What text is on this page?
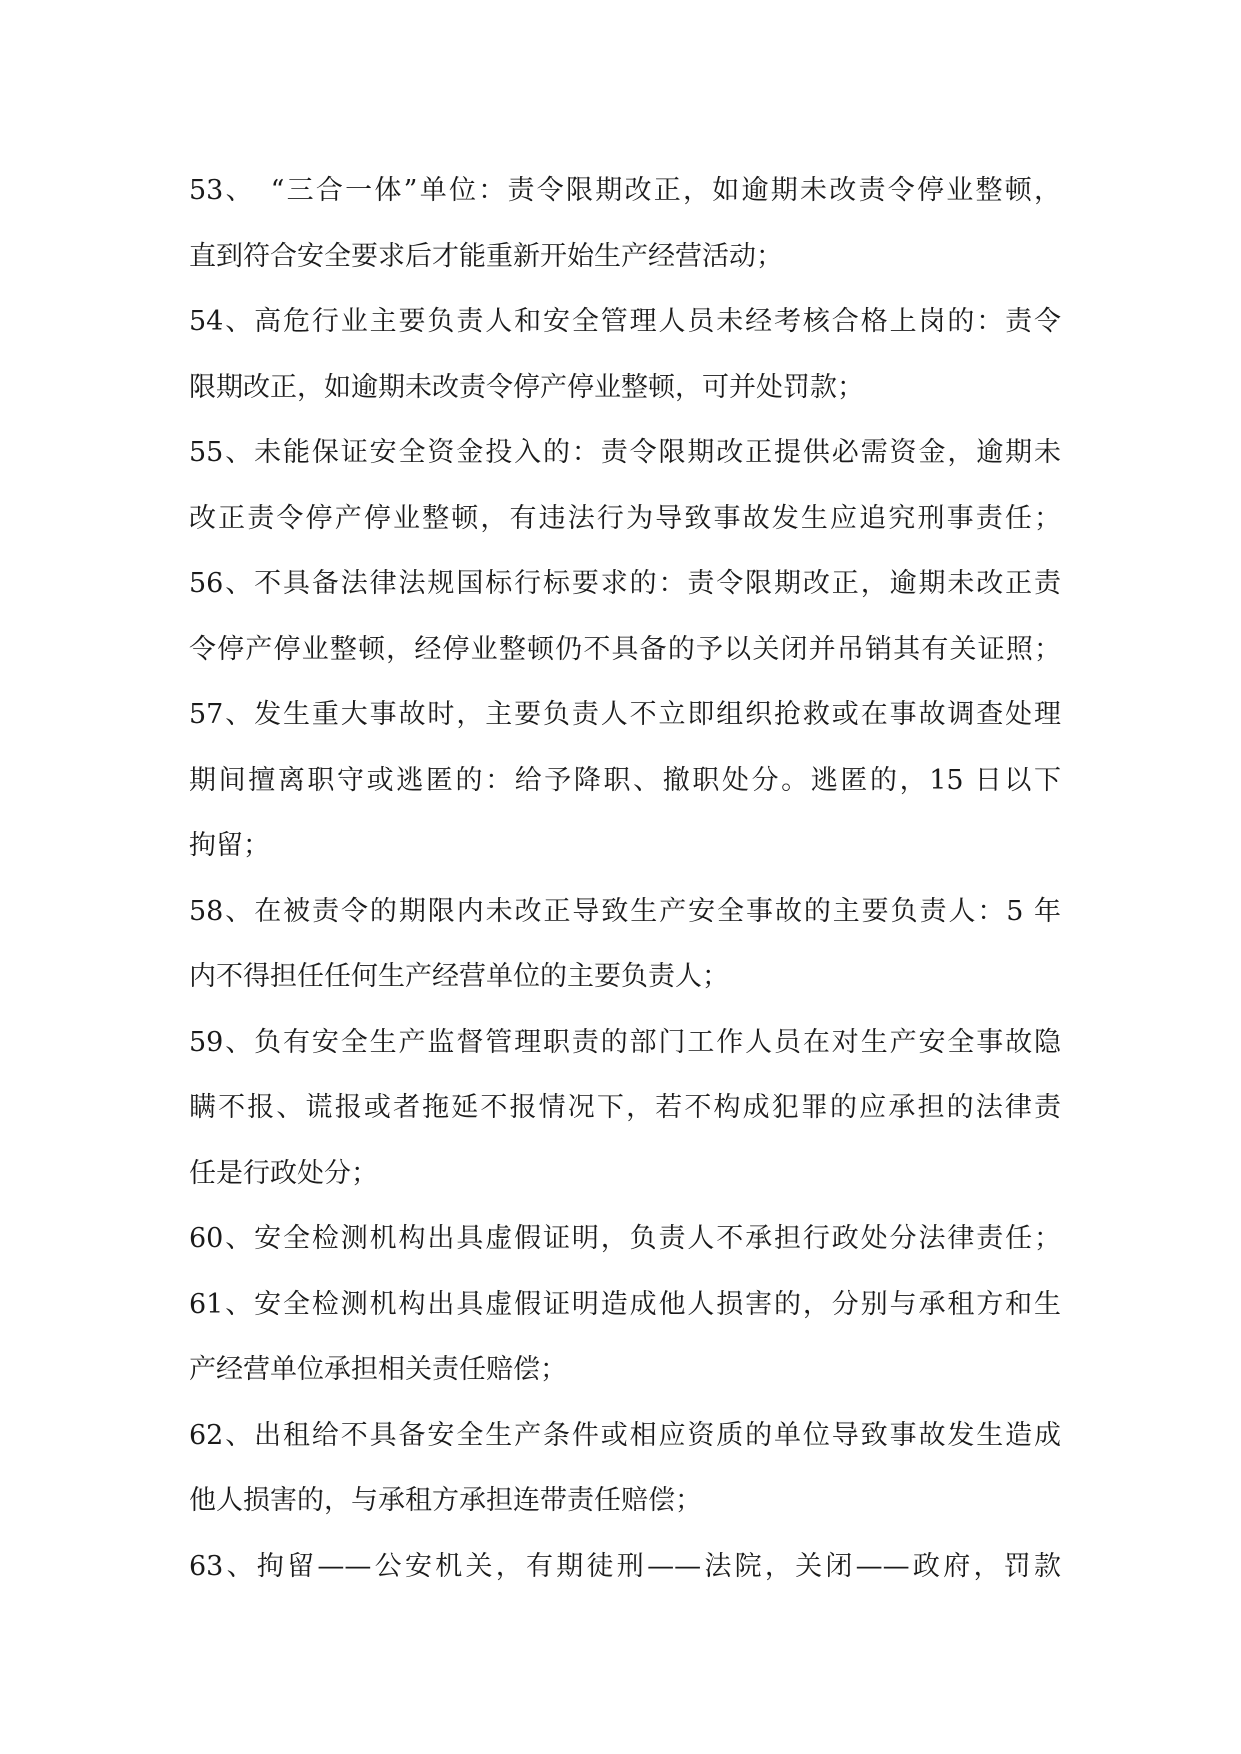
53、　“三合一体”单位：责令限期改正，如逾期未改责令停业整顿，
直到符合安全要求后才能重新开始生产经营活动；
54、高危行业主要负责人和安全管理人员未经考核合格上岗的：责令
限期改正，如逾期未改责令停产停业整顿，可并处罚款；
55、未能保证安全资金投入的：责令限期改正提供必需资金，逾期未
改正责令停产停业整顿，有违法行为导致事故发生应追究刑事责任；
56、不具备法律法规国标行标要求的：责令限期改正，逾期未改正责
令停产停业整顿，经停业整顿仍不具备的予以关闭并吊销其有关证照；
57、发生重大事故时，主要负责人不立即组织抢救或在事故调查处理
期间擅离职守或逃匿的：给予降职、撤职处分。逃匿的，15 日以下
拘留；
58、在被责令的期限内未改正导致生产安全事故的主要负责人：5 年
内不得担任任何生产经营单位的主要负责人；
59、负有安全生产监督管理职责的部门工作人员在对生产安全事故隐
瞒不报、谎报或者拖延不报情况下，若不构成犯罪的应承担的法律责
任是行政处分；
60、安全检测机构出具虚假证明，负责人不承担行政处分法律责任；
61、安全检测机构出具虚假证明造成他人损害的，分别与承租方和生
产经营单位承担相关责任赔偿；
62、出租给不具备安全生产条件或相应资质的单位导致事故发生造成
他人损害的，与承租方承担连带责任赔偿；
63、拘留——公安机关，有期徒刑——法院，关闭——政府，罚款
